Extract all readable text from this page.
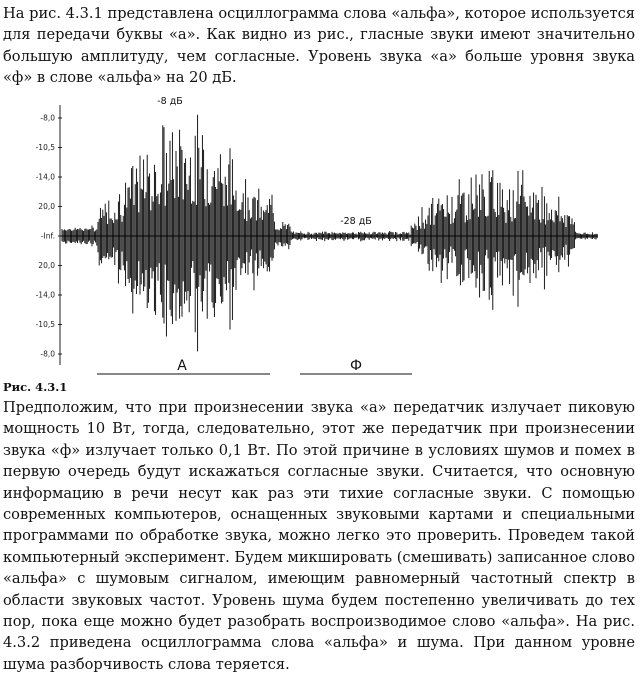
На рис. 4.3.1 представлена осциллограмма слова «альфа», которое используется для передачи буквы «а». Как видно из рис., гласные звуки имеют значительно большую амплитуду, чем согласные. Уровень звука «а» больше уровня звука «ф» в слове «альфа» на 20 дБ.

-8,0
-10,5
-14,0
20,0
-Inf.
20,0
-14,0
-10,5
-8,0
-8 дБ
-28 дБ
А	Ф
Рис. 4.3.1

Предположим, что при произнесении звука «а» передатчик излучает пиковую мощность 10 Вт, тогда, следовательно, этот же передатчик при произнесении звука «ф» излучает только 0,1 Вт. По этой причине в условиях шумов и помех в первую очередь будут искажаться согласные звуки. Считается, что основную информацию в речи несут как раз эти тихие согласные звуки. С помощью современных компьютеров, оснащенных звуковыми картами и специальными программами по обработке звука, можно легко это проверить. Проведем такой компьютерный эксперимент. Будем микшировать (смешивать) записанное слово «альфа» с шумовым сигналом, имеющим равномерный частотный спектр в области звуковых частот. Уровень шума будем постепенно увеличивать до тех пор, пока еще можно будет разобрать воспроизводимое слово «альфа». На рис. 4.3.2 приведена осциллограмма слова «альфа» и шума. При данном уровне шума разборчивость слова теряется.
